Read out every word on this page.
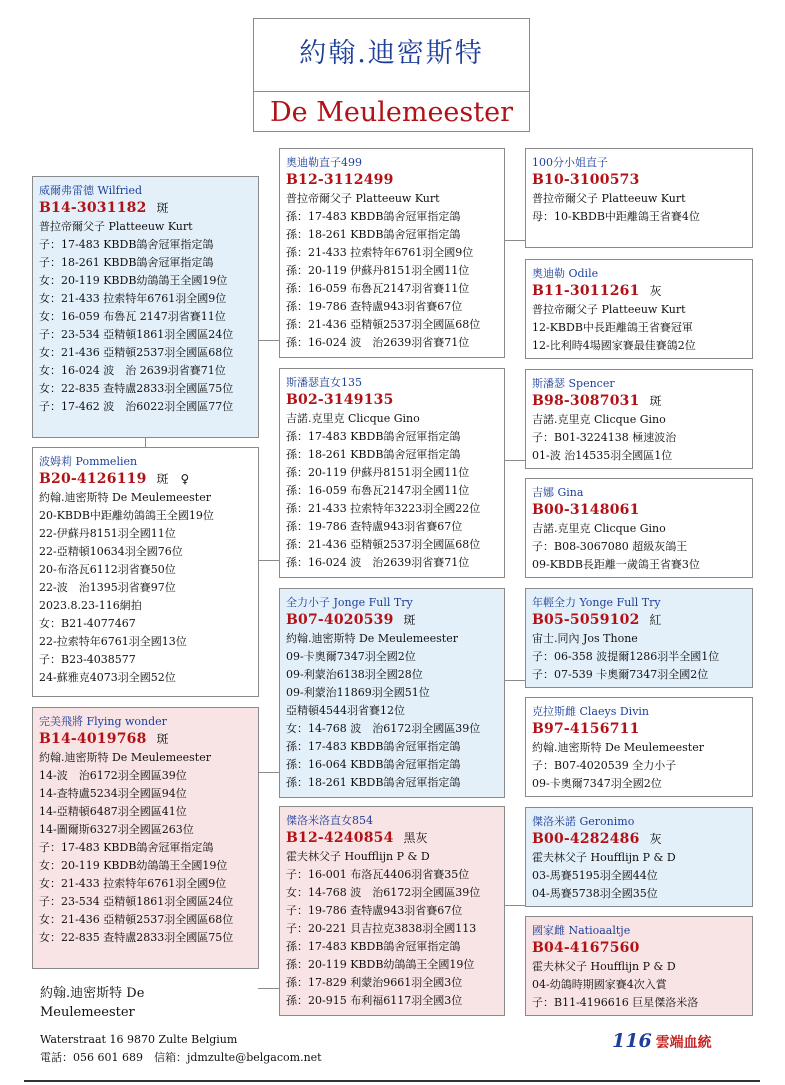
約翰.迪密斯特
De Meulemeester
威爾弗雷德 Wilfried
B14-3031182 斑
普拉帝爾父子 Platteeuw Kurt
子：17-483 KBDB鴿舍冠軍指定鴿
子：18-261 KBDB鴿舍冠軍指定鴿
女：20-119 KBDB幼鴿鴿王全國19位
女：21-433 拉索特年6761羽全國9位
女：16-059 布魯瓦 2147羽省賽11位
子：23-534 亞精頓1861羽全國區24位
女：21-436 亞精頓2537羽全國區68位
女：16-024 波　治 2639羽省賽71位
女：22-835 查特盧2833羽全國區75位
子：17-462 波　治6022羽全國區77位
波姆莉 Pommelien
B20-4126119 斑　♀
約翰.迪密斯特 De Meulemeester
20-KBDB中距離幼鴿鴿王全國19位
22-伊蘇丹8151羽全國11位
22-亞精頓10634羽全國76位
20-布洛瓦6112羽省賽50位
22-波　治1395羽省賽97位
2023.8.23-116網拍
女：B21-4077467
22-拉索特年6761羽全國13位
子：B23-4038577
24-蘇雅克4073羽全國52位
完美飛將 Flying wonder
B14-4019768 斑
約翰.迪密斯特 De Meulemeester
14-波　治6172羽全國區39位
14-查特盧5234羽全國區94位
14-亞精頓6487羽全國區41位
14-圖爾斯6327羽全國區263位
子：17-483 KBDB鴿舍冠軍指定鴿
女：20-119 KBDB幼鴿鴿王全國19位
女：21-433 拉索特年6761羽全國9位
子：23-534 亞精頓1861羽全國區24位
女：21-436 亞精頓2537羽全國區68位
女：22-835 查特盧2833羽全國區75位
奧迪勒直子499
B12-3112499
普拉帝爾父子 Platteeuw Kurt
孫：17-483 KBDB鴿舍冠軍指定鴿
孫：18-261 KBDB鴿舍冠軍指定鴿
孫：21-433 拉索特年6761羽全國9位
孫：20-119 伊蘇丹8151羽全國11位
孫：16-059 布魯瓦2147羽省賽11位
孫：19-786 查特盧943羽省賽67位
孫：21-436 亞精頓2537羽全國區68位
孫：16-024 波　治2639羽省賽71位
斯潘瑟直女135
B02-3149135
吉諾.克里克 Clicque Gino
孫：17-483 KBDB鴿舍冠軍指定鴿
孫：18-261 KBDB鴿舍冠軍指定鴿
孫：20-119 伊蘇丹8151羽全國11位
孫：16-059 布魯瓦2147羽全國11位
孫：21-433 拉索特年3223羽全國22位
孫：19-786 查特盧943羽省賽67位
孫：21-436 亞精頓2537羽全國區68位
孫：16-024 波　治2639羽省賽71位
全力小子 Jonge Full Try
B07-4020539 斑
約翰.迪密斯特 De Meulemeester
09-卡奧爾7347羽全國2位
09-利蒙治6138羽全國28位
09-利蒙治11869羽全國51位
亞精頓4544羽省賽12位
女：14-768 波　治6172羽全國區39位
孫：17-483 KBDB鴿舍冠軍指定鴿
孫：16-064 KBDB鴿舍冠軍指定鴿
孫：18-261 KBDB鴿舍冠軍指定鴿
傑洛米洛直女854
B12-4240854 黑灰
霍夫林父子 Houfflijn P & D
子：16-001 布洛瓦4406羽省賽35位
女：14-768 波　治6172羽全國區39位
子：19-786 查特盧943羽省賽67位
子：20-221 貝吉拉克3838羽全國113
孫：17-483 KBDB鴿舍冠軍指定鴿
孫：20-119 KBDB幼鴿鴿王全國19位
孫：17-829 利蒙治9661羽全國3位
孫：20-915 布利福6117羽全國3位
100分小姐直子
B10-3100573
普拉帝爾父子 Platteeuw Kurt
母：10-KBDB中距離鴿王省賽4位
奧迪勒 Odile
B11-3011261 灰
普拉帝爾父子 Platteeuw Kurt
12-KBDB中長距離鴿王省賽冠軍
12-比利時4場國家賽最佳賽鴿2位
斯潘瑟 Spencer
B98-3087031 斑
吉諾.克里克 Clicque Gino
子：B01-3224138 極速波治
01-波 治14535羽全國區1位
吉娜 Gina
B00-3148061
吉諾.克里克 Clicque Gino
子：B08-3067080 超級灰鴿王
09-KBDB長距離一歲鴿王省賽3位
年輕全力 Yonge Full Try
B05-5059102 紅
宙士.同內 Jos Thone
子：06-358 波提爾1286羽半全國1位
子：07-539 卡奧爾7347羽全國2位
克拉斯雌 Claeys Divin
B97-4156711
約翰.迪密斯特 De Meulemeester
子：B07-4020539 全力小子
09-卡奧爾7347羽全國2位
傑洛米諾 Geronimo
B00-4282486 灰
霍夫林父子 Houfflijn P & D
03-馬賽5195羽全國44位
04-馬賽5738羽全國35位
國家雌 Natioaaltje
B04-4167560
霍夫林父子 Houfflijn P & D
04-幼鴿時期國家賽4次入賞
子：B11-4196616 巨星傑洛米洛
約翰.迪密斯特 De
Meulemeester
Waterstraat 16 9870 Zulte Belgium
電話：056 601 689　信箱：jdmzulte@belgacom.net
116 雲端血統
